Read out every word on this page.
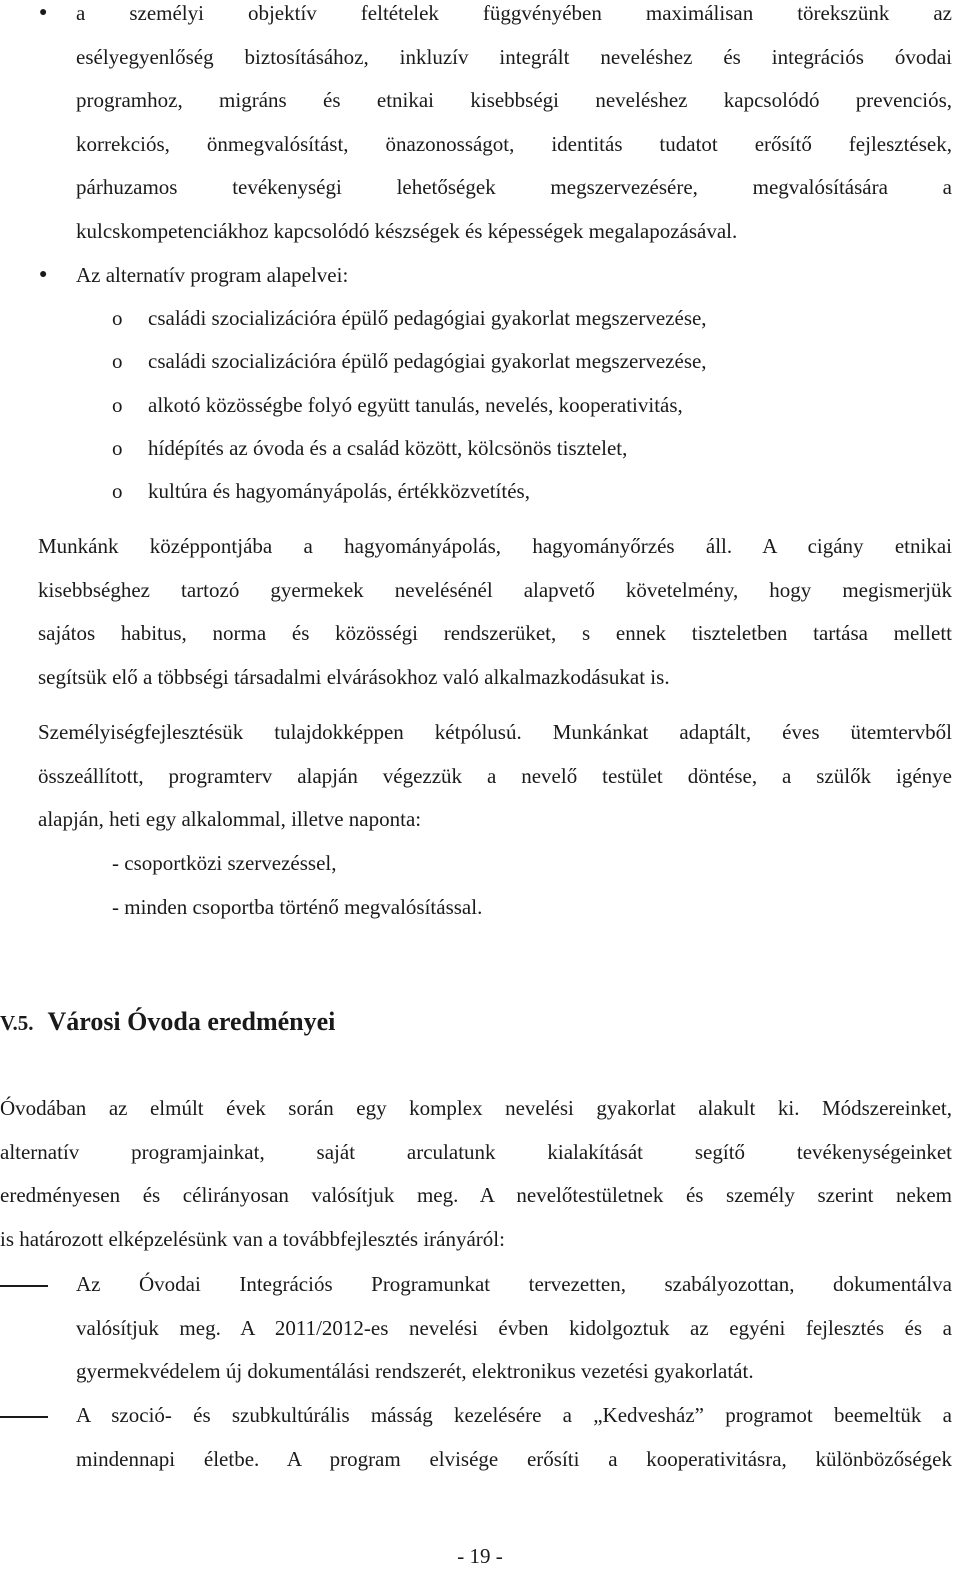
● a személyi objektív feltételek függvényében maximálisan törekszünk az
esélyegyenlőség biztosításához, inkluzív integrált neveléshez és integrációs óvodai
programhoz, migráns és etnikai kisebbségi neveléshez kapcsolódó prevenciós,
korrekciós, önmegvalósítást, önazonosságot, identitás tudatot erősítő fejlesztések,
párhuzamos tevékenységi lehetőségek megszervezésére, megvalósítására a
kulcskompetenciákhoz kapcsolódó készségek és képességek megalapozásával.
● Az alternatív program alapelvei:
o családi szocializációra épülő pedagógiai gyakorlat megszervezése,
o családi szocializációra épülő pedagógiai gyakorlat megszervezése,
o alkotó közösségbe folyó együtt tanulás, nevelés, kooperativitás,
o hídépítés az óvoda és a család között, kölcsönös tisztelet,
o kultúra és hagyományápolás, értékközvetítés,
Munkánk középpontjába a hagyományápolás, hagyományőrzés áll. A cigány etnikai
kisebbséghez tartozó gyermekek nevelésénél alapvető követelmény, hogy megismerjük
sajátos habitus, norma és közösségi rendszerüket, s ennek tiszteletben tartása mellett
segítsük elő a többségi társadalmi elvárásokhoz való alkalmazkodásukat is.
Személyiségfejlesztésük tulajdokképpen kétpólusú. Munkánkat adaptált, éves ütemtervből
összeállított, programterv alapján végezzük a nevelő testület döntése, a szülők igénye
alapján, heti egy alkalommal, illetve naponta:
- csoportközi szervezéssel,
- minden csoportba történő megvalósítással.
V.5. Városi Óvoda eredményei
Óvodában az elmúlt évek során egy komplex nevelési gyakorlat alakult ki. Módszereinket,
alternatív programjainkat, saját arculatunk kialakítását segítő tevékenységeinket
eredményesen és célirányosan valósítjuk meg. A nevelőtestületnek és személy szerint nekem
is határozott elképzelésünk van a továbbfejlesztés irányáról:
Az Óvodai Integrációs Programunkat tervezetten, szabályozottan, dokumentálva
valósítjuk meg. A 2011/2012-es nevelési évben kidolgoztuk az egyéni fejlesztés és a
gyermekvédelem új dokumentálási rendszerét, elektronikus vezetési gyakorlatát.
A szoció- és szubkultúrális másság kezelésére a „Kedvesház” programot beemeltük a
mindennapi életbe. A program elvisége erősíti a kooperativitásra, különbözőségek
- 19 -
